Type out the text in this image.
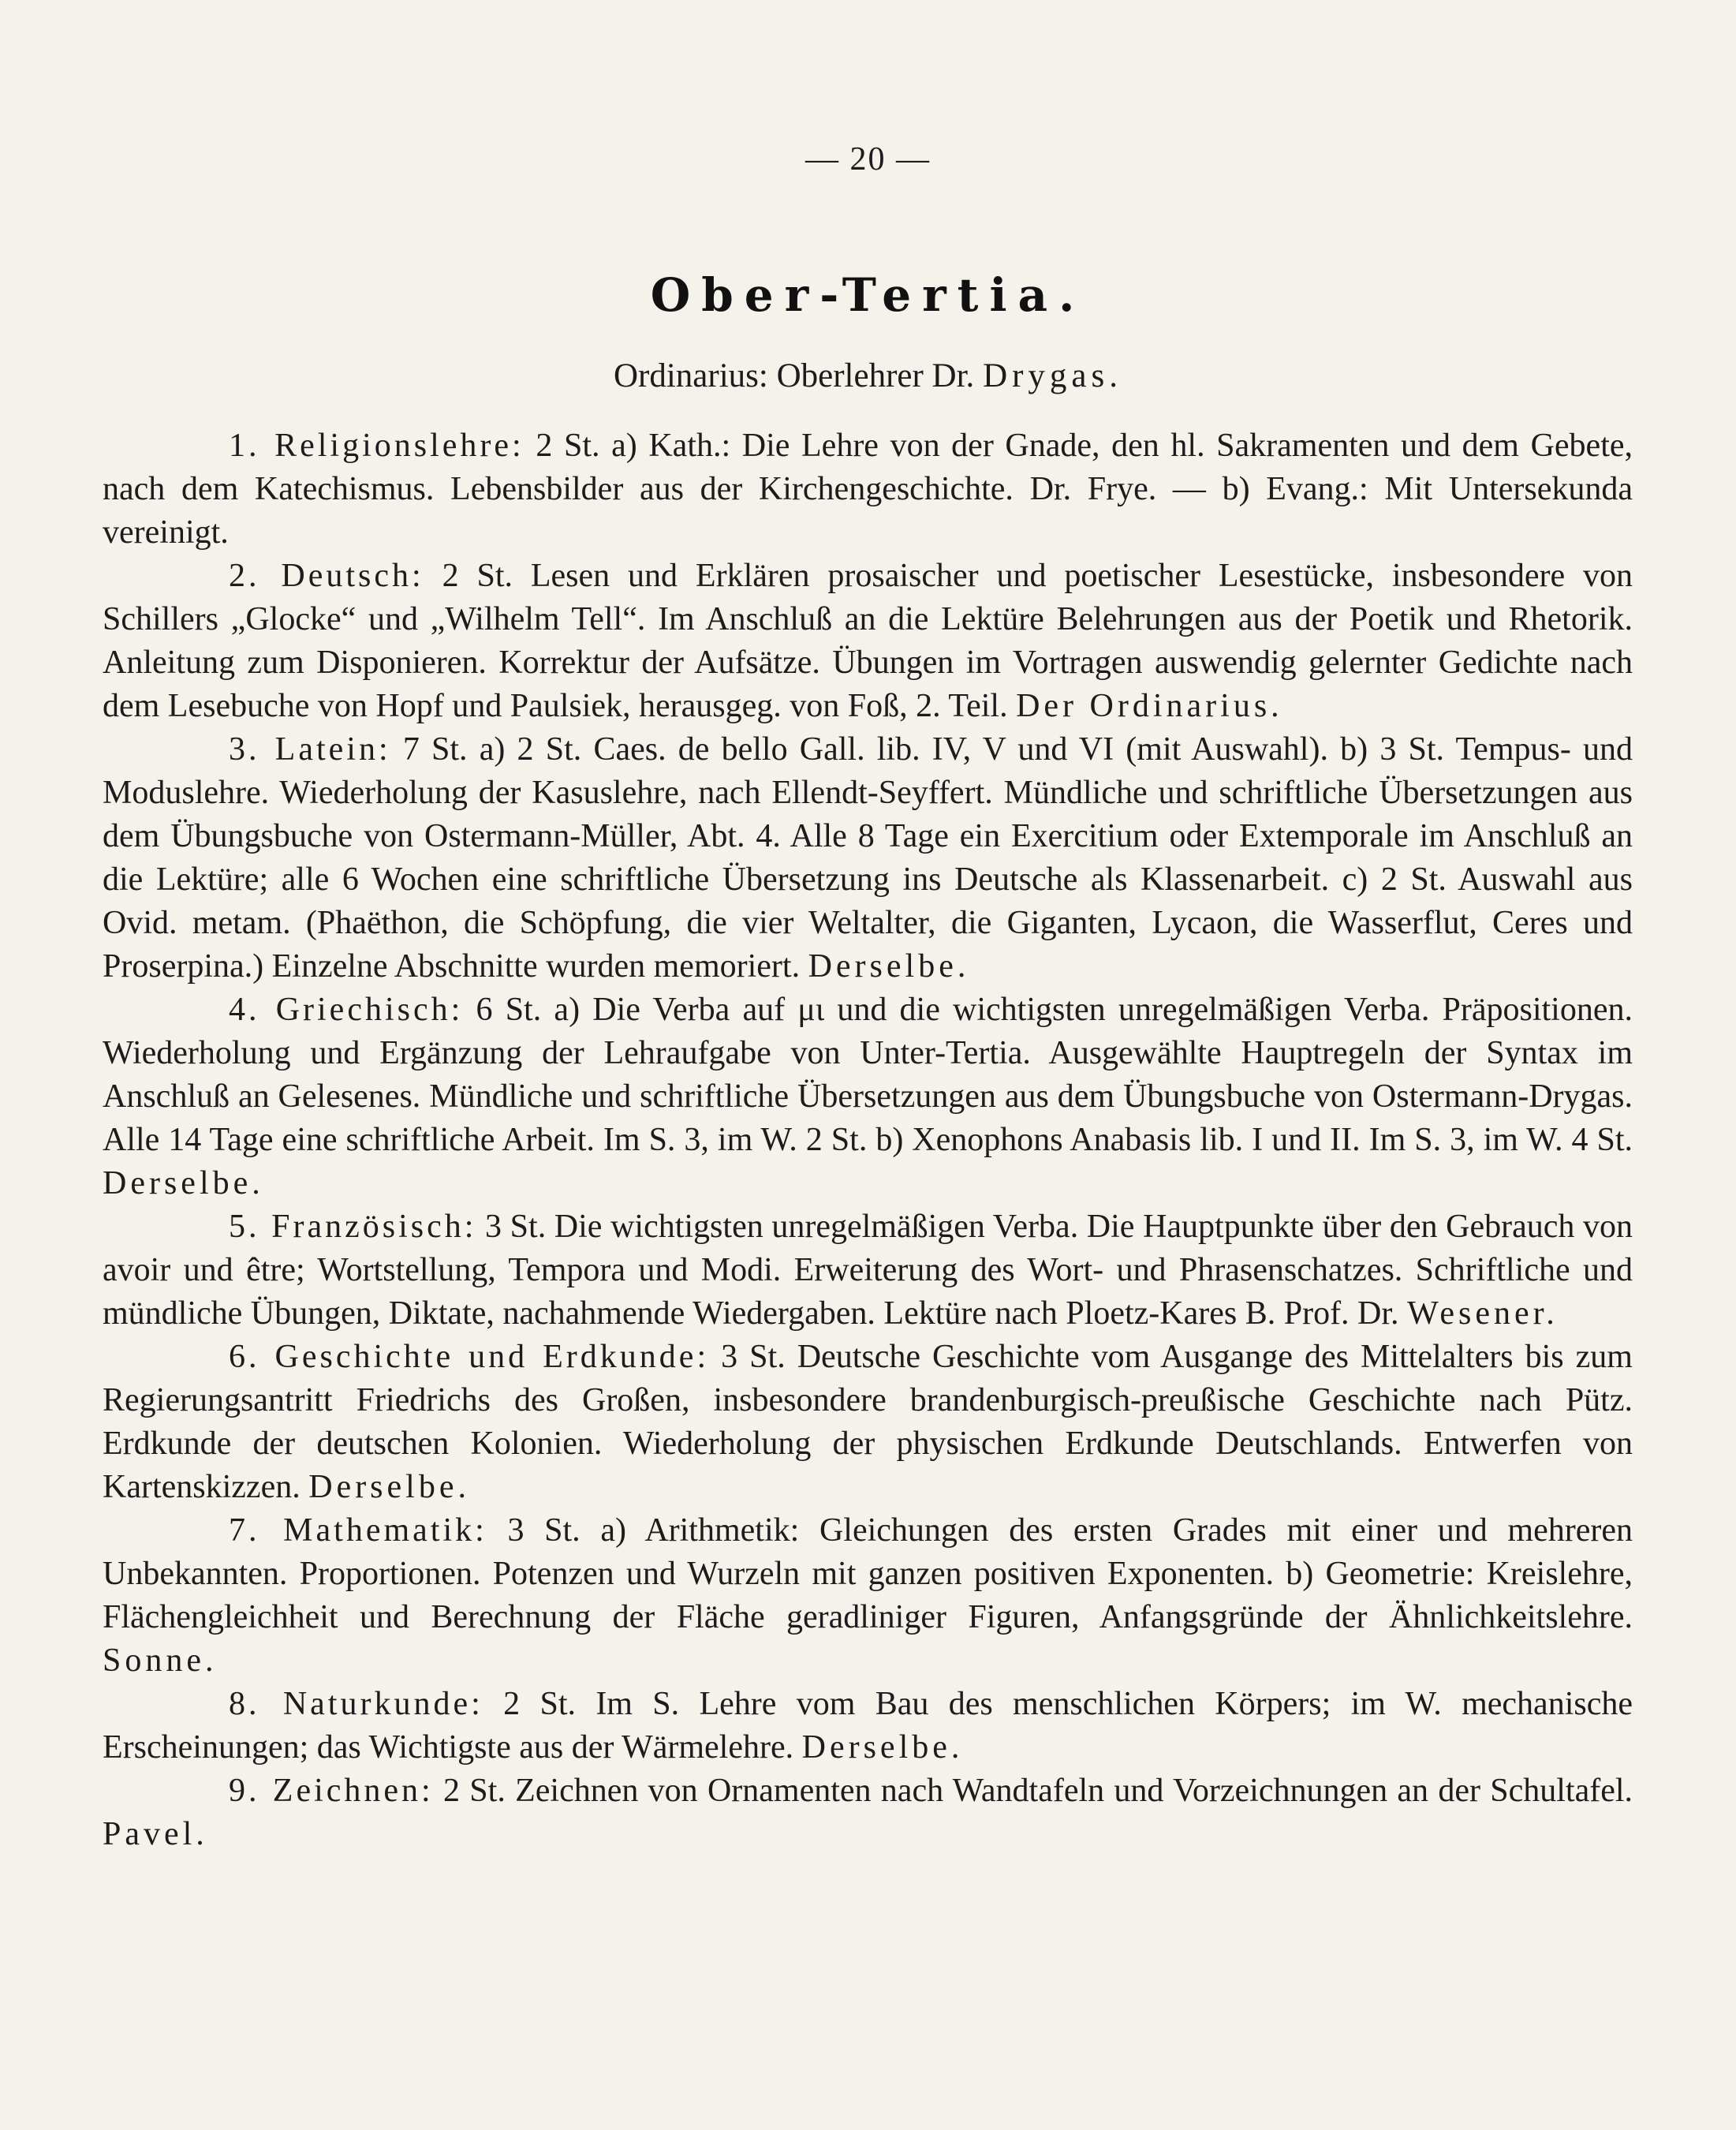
— 20 —
Ober-Tertia.
Ordinarius: Oberlehrer Dr. Drygas.

1. Religionslehre: 2 St. a) Kath.: Die Lehre von der Gnade, den hl. Sakramenten und dem Gebete, nach dem Katechismus. Lebensbilder aus der Kirchengeschichte. Dr. Frye. — b) Evang.: Mit Untersekunda vereinigt.

2. Deutsch: 2 St. Lesen und Erklären prosaischer und poetischer Lesestücke, insbesondere von Schillers „Glocke“ und „Wilhelm Tell“. Im Anschluß an die Lektüre Belehrungen aus der Poetik und Rhetorik. Anleitung zum Disponieren. Korrektur der Aufsätze. Übungen im Vortragen auswendig gelernter Gedichte nach dem Lesebuche von Hopf und Paulsiek, herausgeg. von Foß, 2. Teil. Der Ordinarius.

3. Latein: 7 St. a) 2 St. Caes. de bello Gall. lib. IV, V und VI (mit Auswahl). b) 3 St. Tempus- und Moduslehre. Wiederholung der Kasuslehre, nach Ellendt-Seyffert. Mündliche und schriftliche Übersetzungen aus dem Übungsbuche von Ostermann-Müller, Abt. 4. Alle 8 Tage ein Exercitium oder Extemporale im Anschluß an die Lektüre; alle 6 Wochen eine schriftliche Übersetzung ins Deutsche als Klassenarbeit. c) 2 St. Auswahl aus Ovid. metam. (Phaëthon, die Schöpfung, die vier Weltalter, die Giganten, Lycaon, die Wasserflut, Ceres und Proserpina.) Einzelne Abschnitte wurden memoriert. Derselbe.

4. Griechisch: 6 St. a) Die Verba auf μι und die wichtigsten unregelmäßigen Verba. Präpositionen. Wiederholung und Ergänzung der Lehraufgabe von Unter-Tertia. Ausgewählte Hauptregeln der Syntax im Anschluß an Gelesenes. Mündliche und schriftliche Übersetzungen aus dem Übungsbuche von Ostermann-Drygas. Alle 14 Tage eine schriftliche Arbeit. Im S. 3, im W. 2 St. b) Xenophons Anabasis lib. I und II. Im S. 3, im W. 4 St. Derselbe.

5. Französisch: 3 St. Die wichtigsten unregelmäßigen Verba. Die Hauptpunkte über den Gebrauch von avoir und être; Wortstellung, Tempora und Modi. Erweiterung des Wort- und Phrasenschatzes. Schriftliche und mündliche Übungen, Diktate, nachahmende Wiedergaben. Lektüre nach Ploetz-Kares B. Prof. Dr. Wesener.

6. Geschichte und Erdkunde: 3 St. Deutsche Geschichte vom Ausgange des Mittelalters bis zum Regierungsantritt Friedrichs des Großen, insbesondere brandenburgisch-preußische Geschichte nach Pütz. Erdkunde der deutschen Kolonien. Wiederholung der physischen Erdkunde Deutschlands. Entwerfen von Kartenskizzen. Derselbe.

7. Mathematik: 3 St. a) Arithmetik: Gleichungen des ersten Grades mit einer und mehreren Unbekannten. Proportionen. Potenzen und Wurzeln mit ganzen positiven Exponenten. b) Geometrie: Kreislehre, Flächengleichheit und Berechnung der Fläche geradliniger Figuren, Anfangsgründe der Ähnlichkeitslehre. Sonne.

8. Naturkunde: 2 St. Im S. Lehre vom Bau des menschlichen Körpers; im W. mechanische Erscheinungen; das Wichtigste aus der Wärmelehre. Derselbe.

9. Zeichnen: 2 St. Zeichnen von Ornamenten nach Wandtafeln und Vorzeichnungen an der Schultafel. Pavel.
